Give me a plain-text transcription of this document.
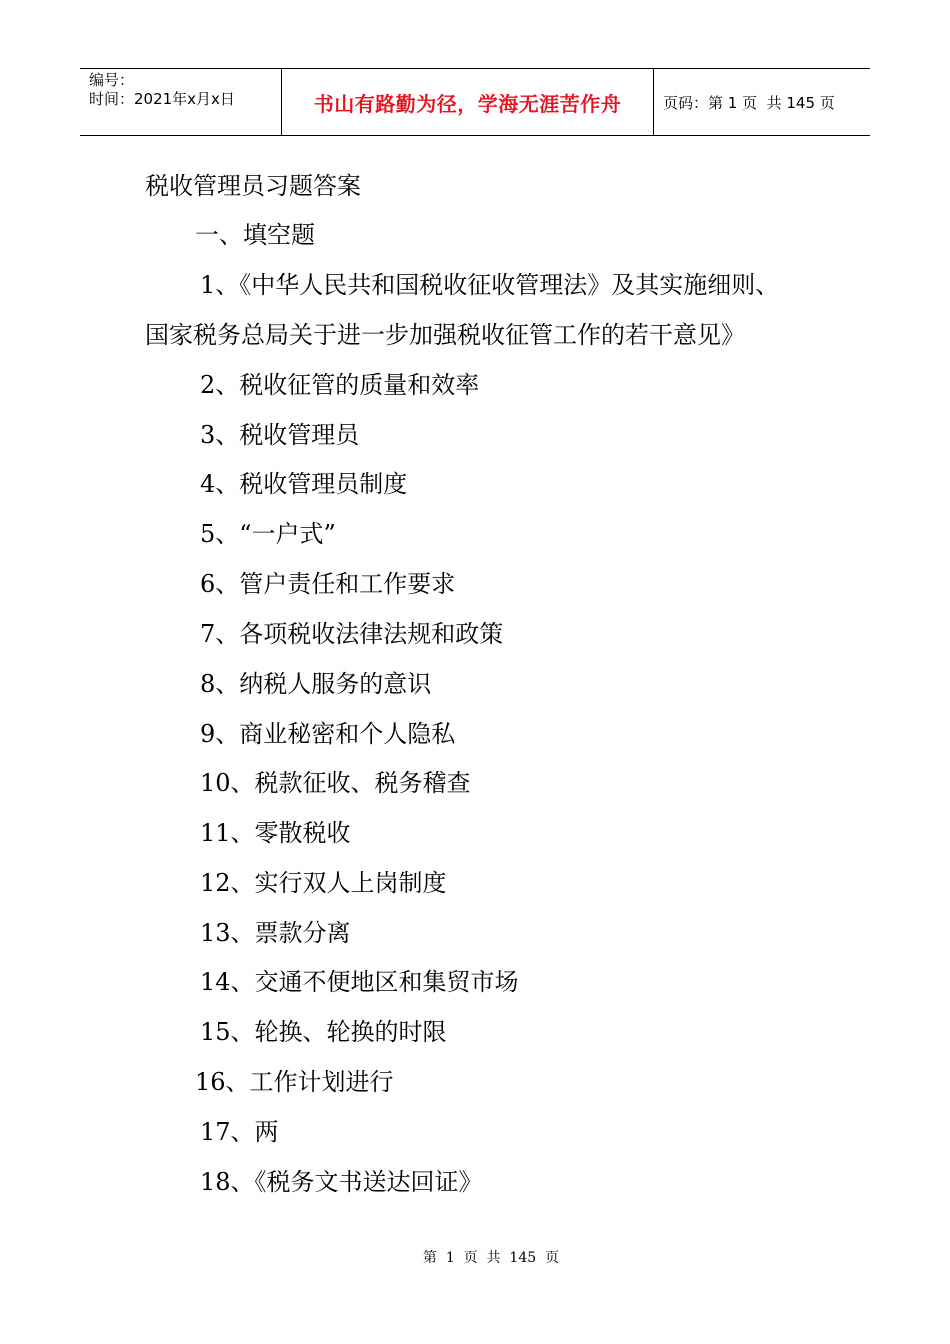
编号：
时间：2021年x月x日	书山有路勤为径，学海无涯苦作舟	页码：第 1 页  共 145 页
税收管理员习题答案
一、填空题
1、《中华人民共和国税收征收管理法》及其实施细则、
国家税务总局关于进一步加强税收征管工作的若干意见》
2、税收征管的质量和效率
3、税收管理员
4、税收管理员制度
5、“一户式”
6、管户责任和工作要求
7、各项税收法律法规和政策
8、纳税人服务的意识
9、商业秘密和个人隐私
10、税款征收、税务稽查
11、零散税收
12、实行双人上岗制度
13、票款分离
14、交通不便地区和集贸市场
15、轮换、轮换的时限
16、工作计划进行
17、两
18、《税务文书送达回证》
第  1  页  共  145  页
